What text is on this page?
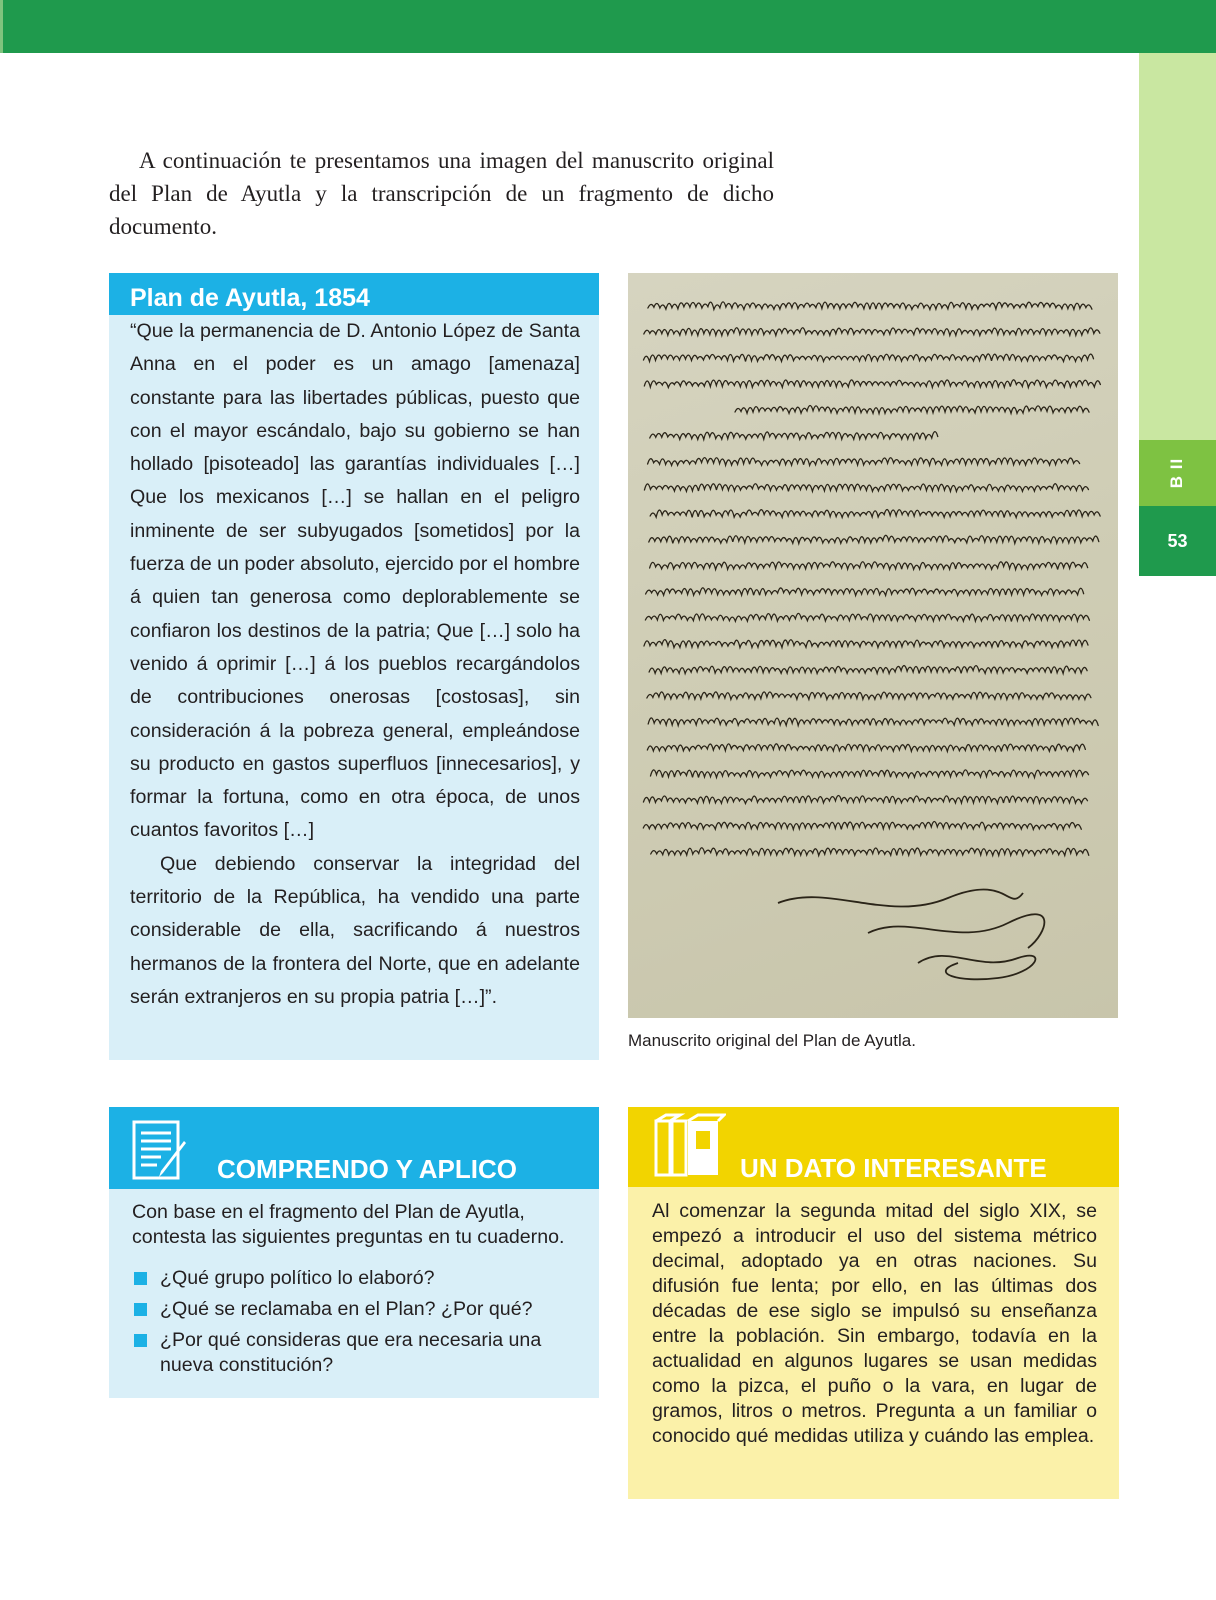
B II
53

A continuación te presentamos una imagen del manuscrito original del Plan de Ayutla y la transcripción de un fragmento de dicho documento.

Plan de Ayutla, 1854

“Que la permanencia de D. Antonio López de Santa Anna en el poder es un amago [amenaza] constante para las libertades públicas, puesto que con el mayor escándalo, bajo su gobierno se han hollado [pisoteado] las garantías individuales […] Que los mexicanos […] se hallan en el peligro inminente de ser subyugados [sometidos] por la fuerza de un poder absoluto, ejercido por el hombre á quien tan generosa como deplorablemente se confiaron los destinos de la patria; Que […] solo ha venido á oprimir […] á los pueblos recargándolos de contribuciones onerosas [costosas], sin consideración á la pobreza general, empleándose su producto en gastos superfluos [innecesarios], y formar la fortuna, como en otra época, de unos cuantos favoritos […]

Que debiendo conservar la integridad del territorio de la República, ha vendido una parte considerable de ella, sacrificando á nuestros hermanos de la frontera del Norte, que en adelante serán extranjeros en su propia patria […]”.

Manuscrito original del Plan de Ayutla.
COMPRENDO Y APLICO
Con base en el fragmento del Plan de Ayutla, contesta las siguientes preguntas en tu cuaderno.
¿Qué grupo político lo elaboró?
¿Qué se reclamaba en el Plan? ¿Por qué?
¿Por qué consideras que era necesaria una nueva constitución?
UN DATO INTERESANTE
Al comenzar la segunda mitad del siglo XIX, se empezó a introducir el uso del sistema métrico decimal, adoptado ya en otras naciones. Su difusión fue lenta; por ello, en las últimas dos décadas de ese siglo se impulsó su enseñanza entre la población. Sin embargo, todavía en la actualidad en algunos lugares se usan medidas como la pizca, el puño o la vara, en lugar de gramos, litros o metros. Pregunta a un familiar o conocido qué medidas utiliza y cuándo las emplea.
